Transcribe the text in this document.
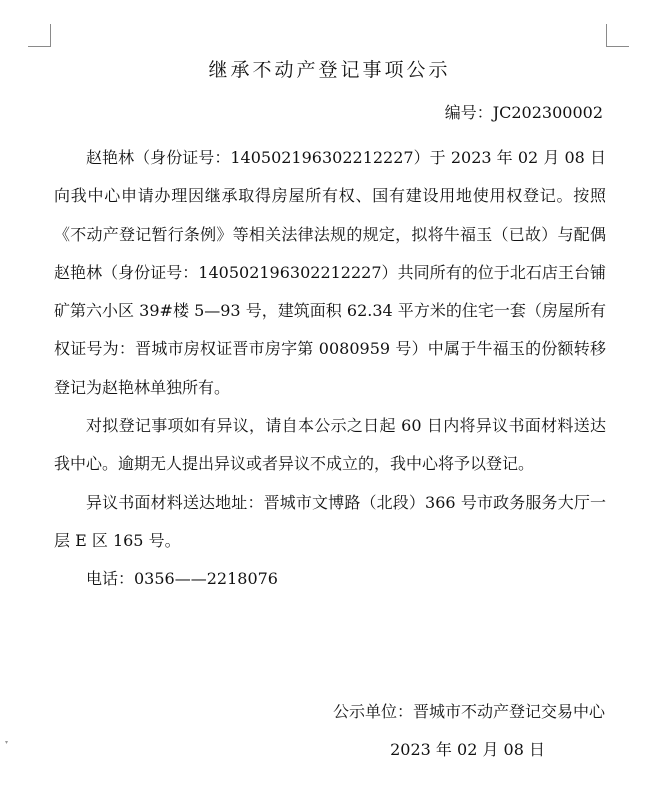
▾
继承不动产登记事项公示
编号：JC202300002

赵艳林（身份证号：140502196302212227）于 2023 年 02 月 08 日向我中心申请办理因继承取得房屋所有权、国有建设用地使用权登记。按照《不动产登记暂行条例》等相关法律法规的规定，拟将牛福玉（已故）与配偶赵艳林（身份证号：140502196302212227）共同所有的位于北石店王台铺矿第六小区 39#楼 5—93 号，建筑面积 62.34 平方米的住宅一套（房屋所有权证号为：晋城市房权证晋市房字第 0080959 号）中属于牛福玉的份额转移登记为赵艳林单独所有。

对拟登记事项如有异议，请自本公示之日起 60 日内将异议书面材料送达我中心。逾期无人提出异议或者异议不成立的，我中心将予以登记。

异议书面材料送达地址：晋城市文博路（北段）366 号市政务服务大厅一层 E 区 165 号。

电话：0356——2218076

公示单位：晋城市不动产登记交易中心
2023 年 02 月 08 日
